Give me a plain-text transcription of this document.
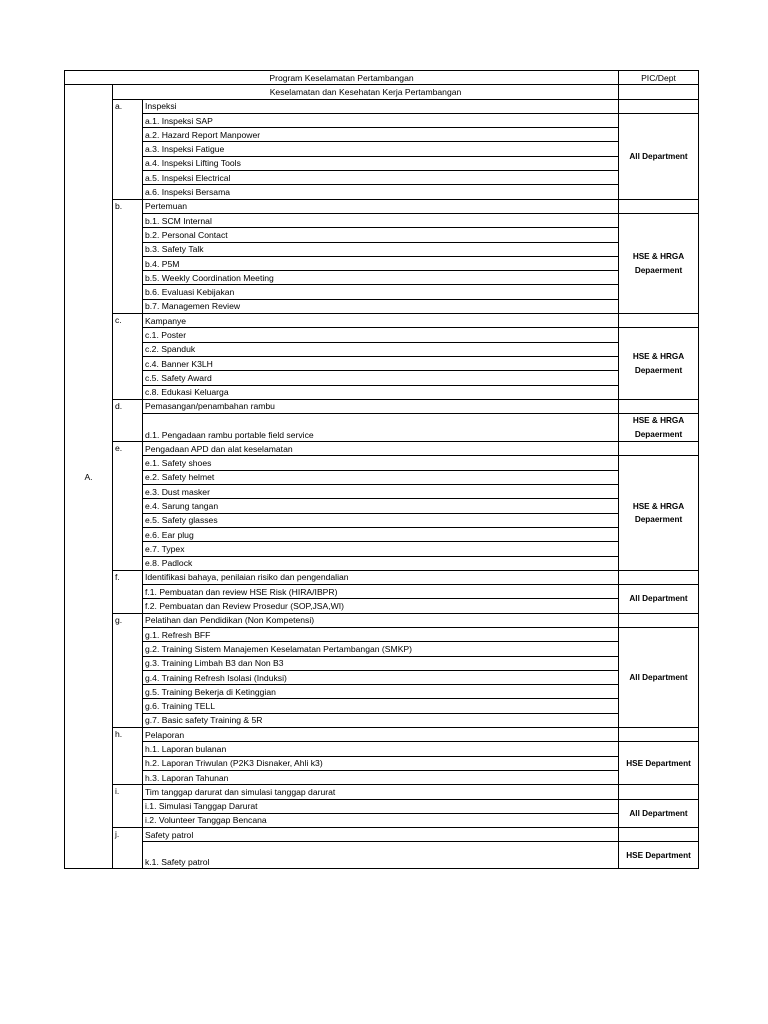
Program Keselamatan Pertambangan			PIC/Dept
A.	Keselamatan dan Kesehatan Kerja Pertambangan		
	a.	Inspeksi	
		a.1. Inspeksi SAP	All Department
		a.2. Hazard Report Manpower	
		a.3. Inspeksi Fatigue	
		a.4. Inspeksi Lifting Tools	
		a.5. Inspeksi Electrical	
		a.6. Inspeksi Bersama	
	b.	Pertemuan	
		b.1. SCM Internal	HSE & HRGA Depaerment
		b.2. Personal Contact	
		b.3. Safety Talk	
		b.4. P5M	
		b.5. Weekly Coordination Meeting	
		b.6. Evaluasi Kebijakan	
		b.7. Managemen Review	
	c.	Kampanye	
		c.1. Poster	HSE & HRGA Depaerment
		c.2. Spanduk	
		c.4. Banner K3LH	
		c.5. Safety Award	
		c.8. Edukasi Keluarga	
	d.	Pemasangan/penambahan rambu	
		d.1. Pengadaan rambu portable field service	HSE & HRGA Depaerment
	e.	Pengadaan APD dan alat keselamatan	
		e.1. Safety shoes	HSE & HRGA Depaerment
		e.2. Safety helmet	
		e.3. Dust masker	
		e.4. Sarung tangan	
		e.5. Safety glasses	
		e.6. Ear plug	
		e.7. Typex	
		e.8. Padlock	
	f.	Identifikasi bahaya, penilaian risiko dan pengendalian	
		f.1. Pembuatan dan review HSE Risk (HIRA/IBPR)	All Department
		f.2. Pembuatan dan Review Prosedur (SOP,JSA,WI)	
	g.	Pelatihan dan Pendidikan (Non Kompetensi)	
		g.1. Refresh BFF	All Department
		g.2. Training Sistem Manajemen Keselamatan Pertambangan (SMKP)	
		g.3. Training Limbah B3 dan Non B3	
		g.4. Training Refresh Isolasi (Induksi)	
		g.5. Training Bekerja di Ketinggian	
		g.6. Training TELL	
		g.7. Basic safety Training & 5R	
	h.	Pelaporan	
		h.1. Laporan bulanan	HSE Department
		h.2. Laporan Triwulan (P2K3 Disnaker, Ahli k3)	
		h.3. Laporan Tahunan	
	i.	Tim tanggap darurat dan simulasi tanggap darurat	
		i.1. Simulasi Tanggap Darurat	All Department
		i.2. Volunteer Tanggap Bencana	
	j.	Safety patrol	
		k.1. Safety patrol	HSE Department
